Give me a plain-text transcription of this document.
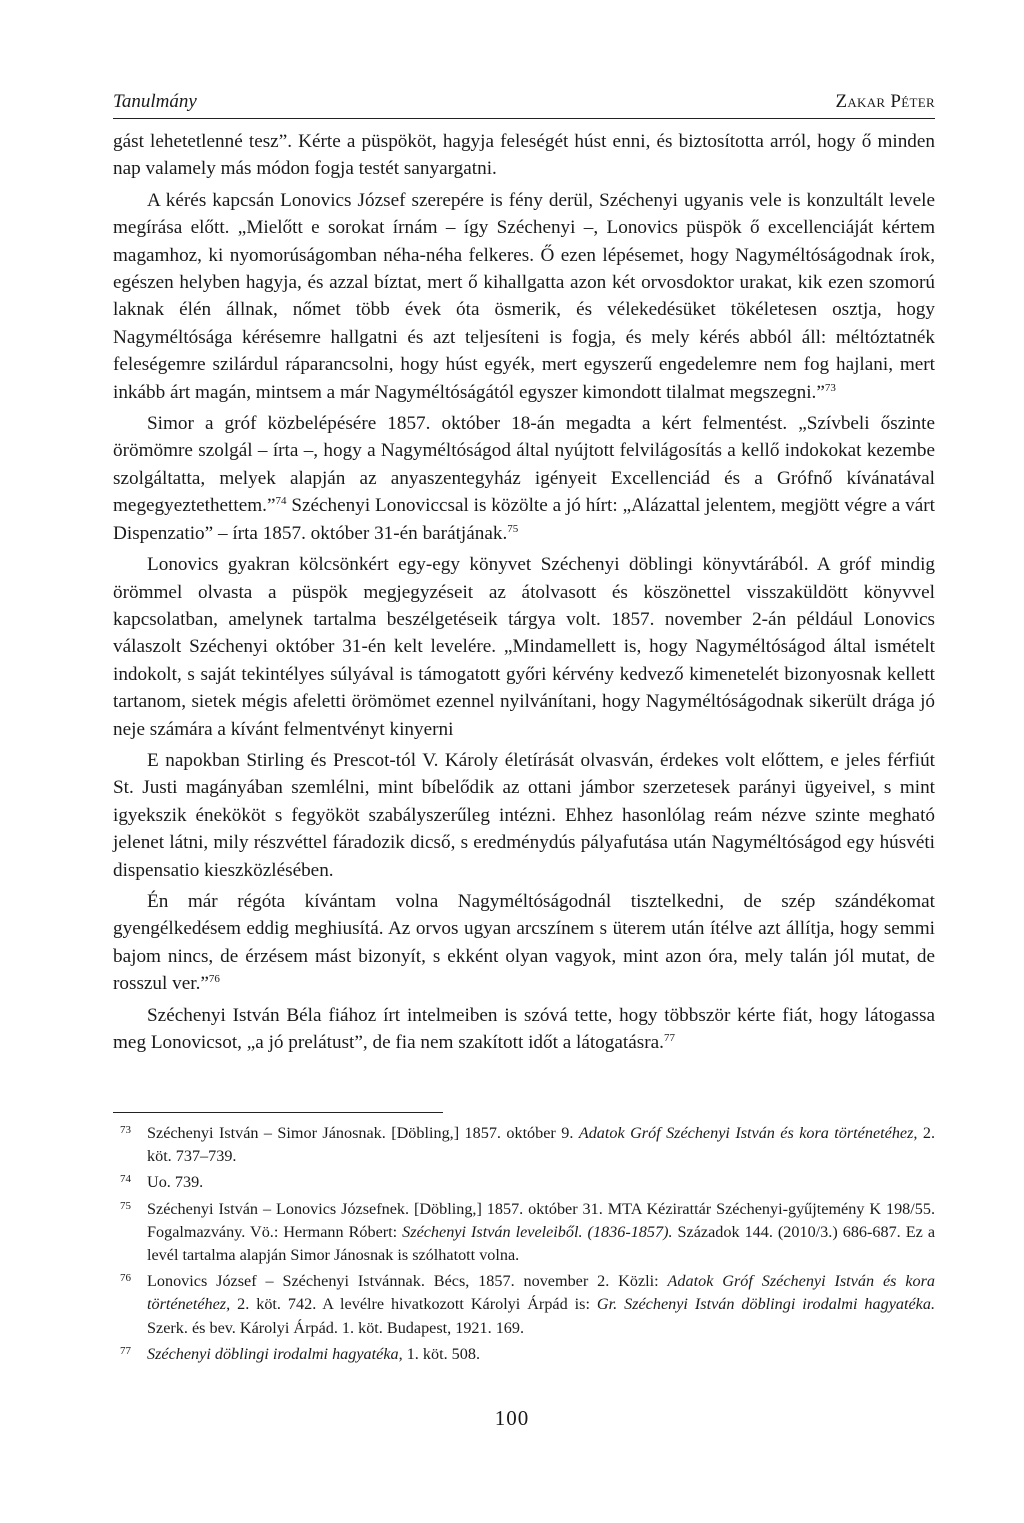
Tanulmány	Zakar Péter

gást lehetetlenné tesz”. Kérte a püspököt, hagyja feleségét húst enni, és biztosította arról, hogy ő minden nap valamely más módon fogja testét sanyargatni.

A kérés kapcsán Lonovics József szerepére is fény derül, Széchenyi ugyanis vele is konzultált levele megírása előtt. „Mielőtt e sorokat írnám – így Széchenyi –, Lonovics püspök ő excellenciáját kértem magamhoz, ki nyomorúságomban néha-néha felkeres. Ő ezen lépésemet, hogy Nagyméltóságodnak írok, egészen helyben hagyja, és azzal bíztat, mert ő kihallgatta azon két orvosdoktor urakat, kik ezen szomorú laknak élén állnak, nőmet több évek óta ösmerik, és vélekedésüket tökéletesen osztja, hogy Nagyméltósága kérésemre hallgatni és azt teljesíteni is fogja, és mely kérés abból áll: méltóztatnék feleségemre szilárdul ráparancsolni, hogy húst egyék, mert egyszerű engedelemre nem fog hajlani, mert inkább árt magán, mintsem a már Nagyméltóságától egyszer kimondott tilalmat megszegni.”$^{73}$

Simor a gróf közbelépésére 1857. október 18-án megadta a kért felmentést. „Szívbeli őszinte örömömre szolgál – írta –, hogy a Nagyméltóságod által nyújtott felvilágosítás a kellő indokokat kezembe szolgáltatta, melyek alapján az anyaszentegyház igényeit Excellenciád és a Grófnő kívánatával megegyeztethettem.”$^{74}$ Széchenyi Lonoviccsal is közölte a jó hírt: „Alázattal jelentem, megjött végre a várt Dispenzatio” – írta 1857. október 31-én barátjának.$^{75}$

Lonovics gyakran kölcsönkért egy-egy könyvet Széchenyi döblingi könyvtárából. A gróf mindig örömmel olvasta a püspök megjegyzéseit az átolvasott és köszönettel visszaküldött könyvvel kapcsolatban, amelynek tartalma beszélgetéseik tárgya volt. 1857. november 2-án például Lonovics válaszolt Széchenyi október 31-én kelt levelére. „Mindamellett is, hogy Nagyméltóságod által ismételt indokolt, s saját tekintélyes súlyával is támogatott győri kérvény kedvező kimenetelét bizonyosnak kellett tartanom, sietek mégis afeletti örömömet ezennel nyilvánítani, hogy Nagyméltóságodnak sikerült drága jó neje számára a kívánt felmentvényt kinyerni

E napokban Stirling és Prescot-tól V. Károly életírását olvasván, érdekes volt előttem, e jeles férfiút St. Justi magányában szemlélni, mint bíbelődik az ottani jámbor szerzetesek parányi ügyeivel, s mint igyekszik énekököt s fegyököt szabályszerűleg intézni. Ehhez hasonlólag reám nézve szinte megható jelenet látni, mily részvéttel fáradozik dicső, s eredménydús pályafutása után Nagyméltóságod egy húsvéti dispensatio kieszközlésében.

Én már régóta kívántam volna Nagyméltóságodnál tisztelkedni, de szép szándékomat gyengélkedésem eddig meghiusítá. Az orvos ugyan arcszínem s üterem után ítélve azt állítja, hogy semmi bajom nincs, de érzésem mást bizonyít, s ekként olyan vagyok, mint azon óra, mely talán jól mutat, de rosszul ver.”$^{76}$

Széchenyi István Béla fiához írt intelmeiben is szóvá tette, hogy többször kérte fiát, hogy látogassa meg Lonovicsot, „a jó prelátust”, de fia nem szakított időt a látogatásra.$^{77}$

73 Széchenyi István – Simor Jánosnak. [Döbling,] 1857. október 9. Adatok Gróf Széchenyi István és kora történetéhez, 2. köt. 737–739.
74 Uo. 739.
75 Széchenyi István – Lonovics Józsefnek. [Döbling,] 1857. október 31. MTA Kézirattár Széchenyi-gyűjtemény K 198/55. Fogalmazvány. Vö.: Hermann Róbert: Széchenyi István leveleiből. (1836-1857). Századok 144. (2010/3.) 686-687. Ez a levél tartalma alapján Simor Jánosnak is szólhatott volna.
76 Lonovics József – Széchenyi Istvánnak. Bécs, 1857. november 2. Közli: Adatok Gróf Széchenyi István és kora történetéhez, 2. köt. 742. A levélre hivatkozott Károlyi Árpád is: Gr. Széchenyi István döblingi irodalmi hagyatéka. Szerk. és bev. Károlyi Árpád. 1. köt. Budapest, 1921. 169.
77 Széchenyi döblingi irodalmi hagyatéka, 1. köt. 508.
100
